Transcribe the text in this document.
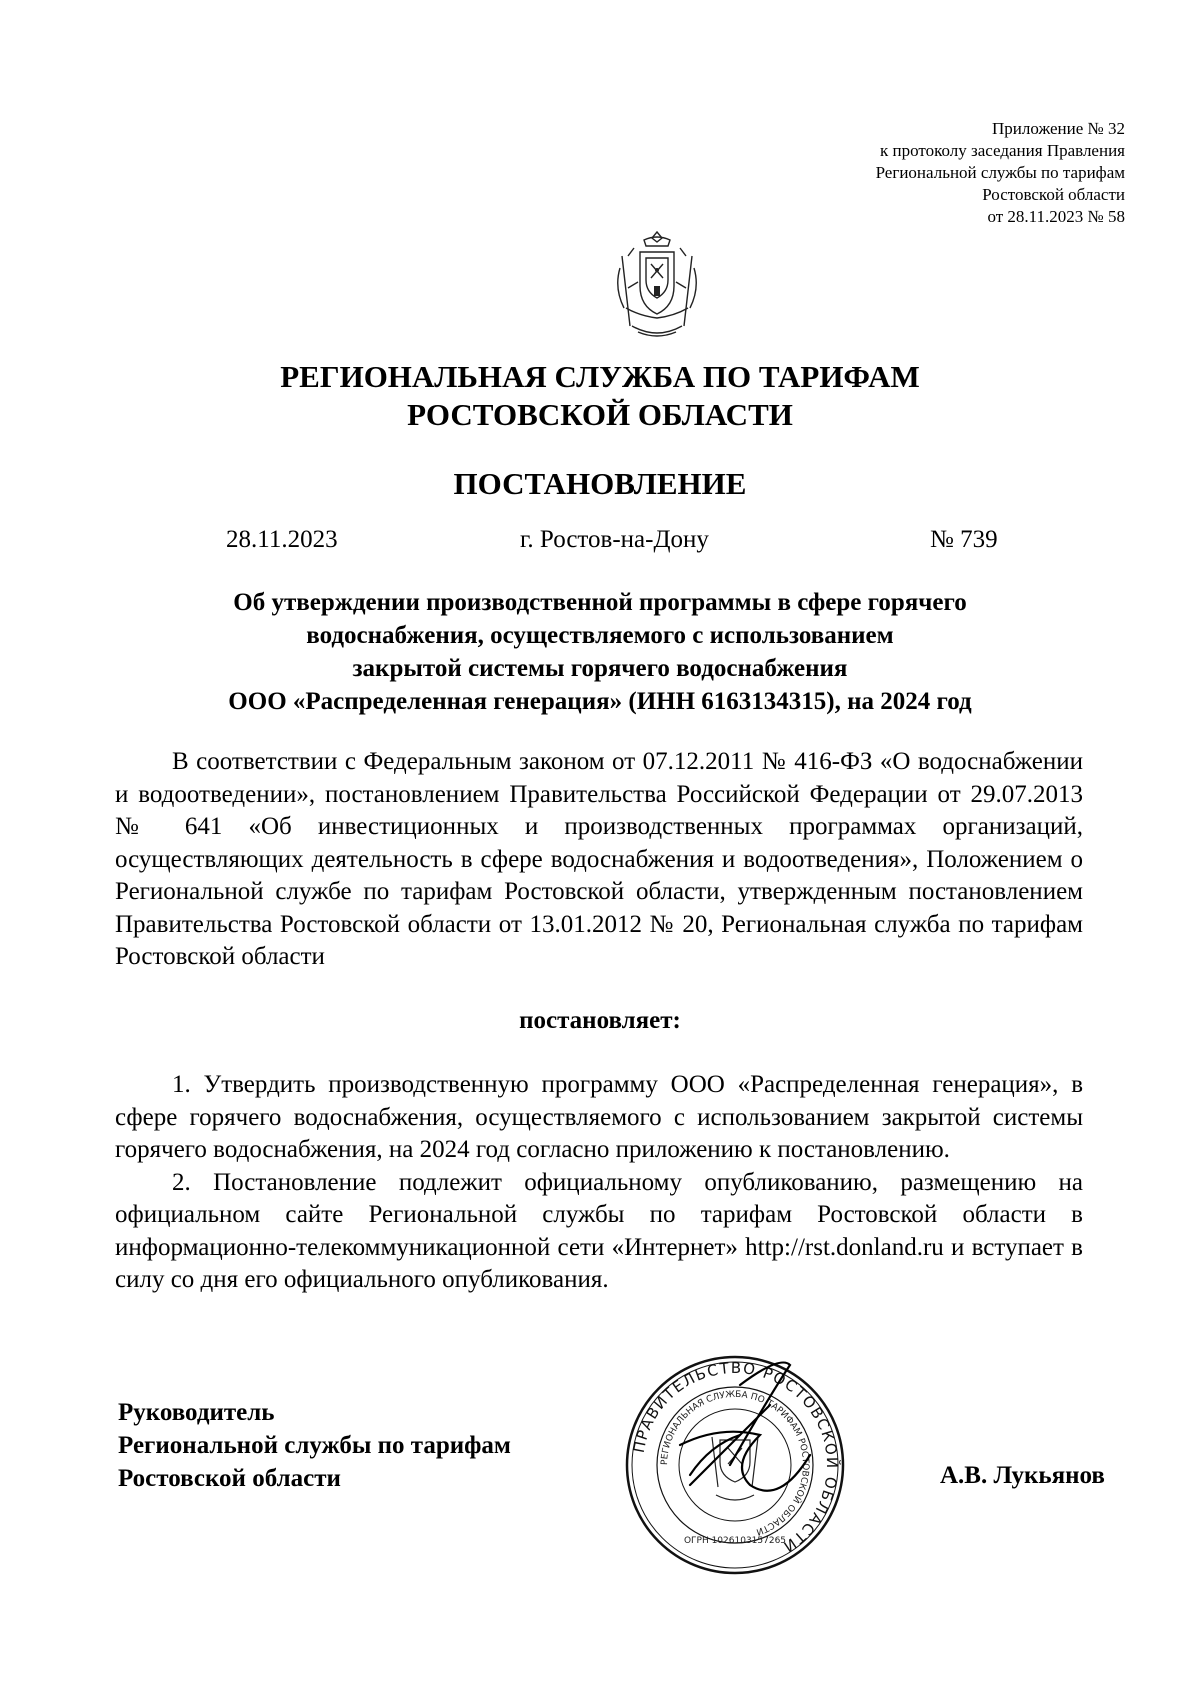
Приложение № 32
к протоколу заседания Правления
Региональной службы по тарифам
Ростовской области
от 28.11.2023 № 58
РЕГИОНАЛЬНАЯ СЛУЖБА ПО ТАРИФАМ
РОСТОВСКОЙ ОБЛАСТИ
ПОСТАНОВЛЕНИЕ
28.11.2023	г. Ростов-на-Дону	№ 739
Об утверждении производственной программы в сфере горячего
водоснабжения, осуществляемого с использованием
закрытой системы горячего водоснабжения
ООО «Распределенная генерация» (ИНН 6163134315), на 2024 год

В соответствии с Федеральным законом от 07.12.2011 № 416-ФЗ «О водоснабжении и водоотведении», постановлением Правительства Российской Федерации от 29.07.2013 № 641 «Об инвестиционных и производственных программах организаций, осуществляющих деятельность в сфере водоснабжения и водоотведения», Положением о Региональной службе по тарифам Ростовской области, утвержденным постановлением Правительства Ростовской области от 13.01.2012 № 20, Региональная служба по тарифам Ростовской области

постановляет:

1. Утвердить производственную программу ООО «Распределенная генерация», в сфере горячего водоснабжения, осуществляемого с использованием закрытой системы горячего водоснабжения, на 2024 год согласно приложению к постановлению.

2. Постановление подлежит официальному опубликованию, размещению на официальном сайте Региональной службы по тарифам Ростовской области в информационно-телекоммуникационной сети «Интернет» http://rst.donland.ru и вступает в силу со дня его официального опубликования.

Руководитель
Региональной службы по тарифам
Ростовской области
ПРАВИТЕЛЬСТВО РОСТОВСКОЙ ОБЛАСТИ
РЕГИОНАЛЬНАЯ СЛУЖБА ПО ТАРИФАМ РОСТОВСКОЙ ОБЛАСТИ
ОГРН 1026103157265
А.В. Лукьянов
